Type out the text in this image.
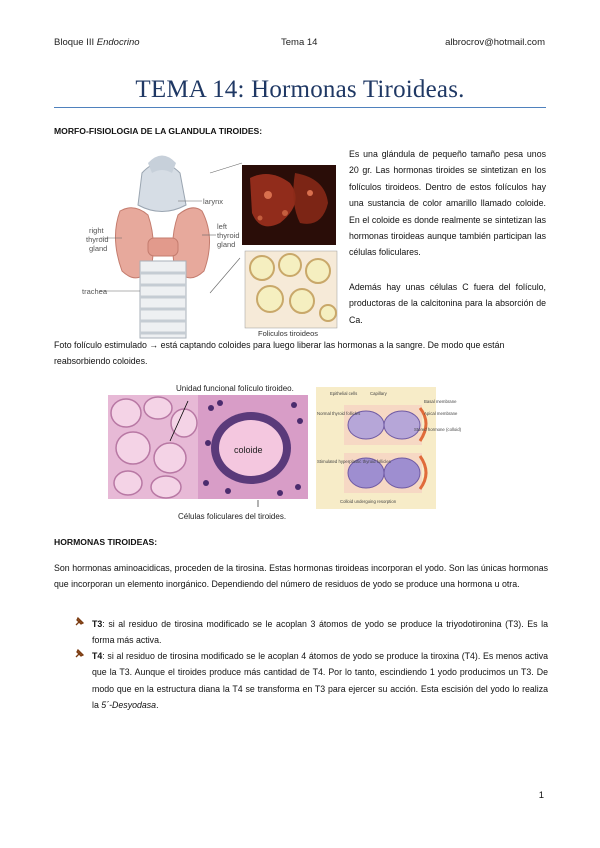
Bloque III Endocrino	Tema 14	albrocrov@hotmail.com
TEMA 14: Hormonas Tiroideas.
MORFO-FISIOLOGIA DE LA GLANDULA TIROIDES:
larynx
right
thyroid
gland
left
thyroid
gland
trachea
Foliculos tiroideos
Es una glándula de pequeño tamaño pesa unos 20 gr. Las hormonas tiroides se sintetizan en los folículos tiroideos. Dentro de estos folículos hay una sustancia de color amarillo llamado coloide. En el coloide es donde realmente se sintetizan las hormonas tiroideas aunque también participan las células foliculares.
Además hay unas células C fuera del folículo, productoras de la calcitonina para la absorción de Ca.
Foto folículo estimulado → está captando coloides para luego liberar las hormonas a la sangre. De modo que están reabsorbiendo coloides.
Unidad funcional folículo tiroideo.
coloide
Células foliculares del tiroides.
Epithelial cells	Capillary
Normal thyroid follicles
Basal membrane
Apical membrane
Stored hormone (colloid)
Stimulated hyperplastic thyroid follicles
Colloid undergoing resorption
HORMONAS TIROIDEAS:
Son hormonas aminoacidicas, proceden de la tirosina. Estas hormonas tiroideas incorporan el yodo. Son las únicas hormonas que incorporan un elemento inorgánico. Dependiendo del número de residuos de yodo se produce una hormona u otra.
T3: si al residuo de tirosina modificado se le acoplan 3 átomos de yodo se produce la triyodotironina (T3). Es la forma más activa.
T4: si al residuo de tirosina modificado se le acoplan 4 átomos de yodo se produce la tiroxina (T4). Es menos activa que la T3. Aunque el tiroides produce más cantidad de T4. Por lo tanto, escindiendo 1 yodo producimos un T3. De modo que en la estructura diana la T4 se transforma en T3 para ejercer su acción. Esta escisión del yodo lo realiza la 5´-Desyodasa.
1
